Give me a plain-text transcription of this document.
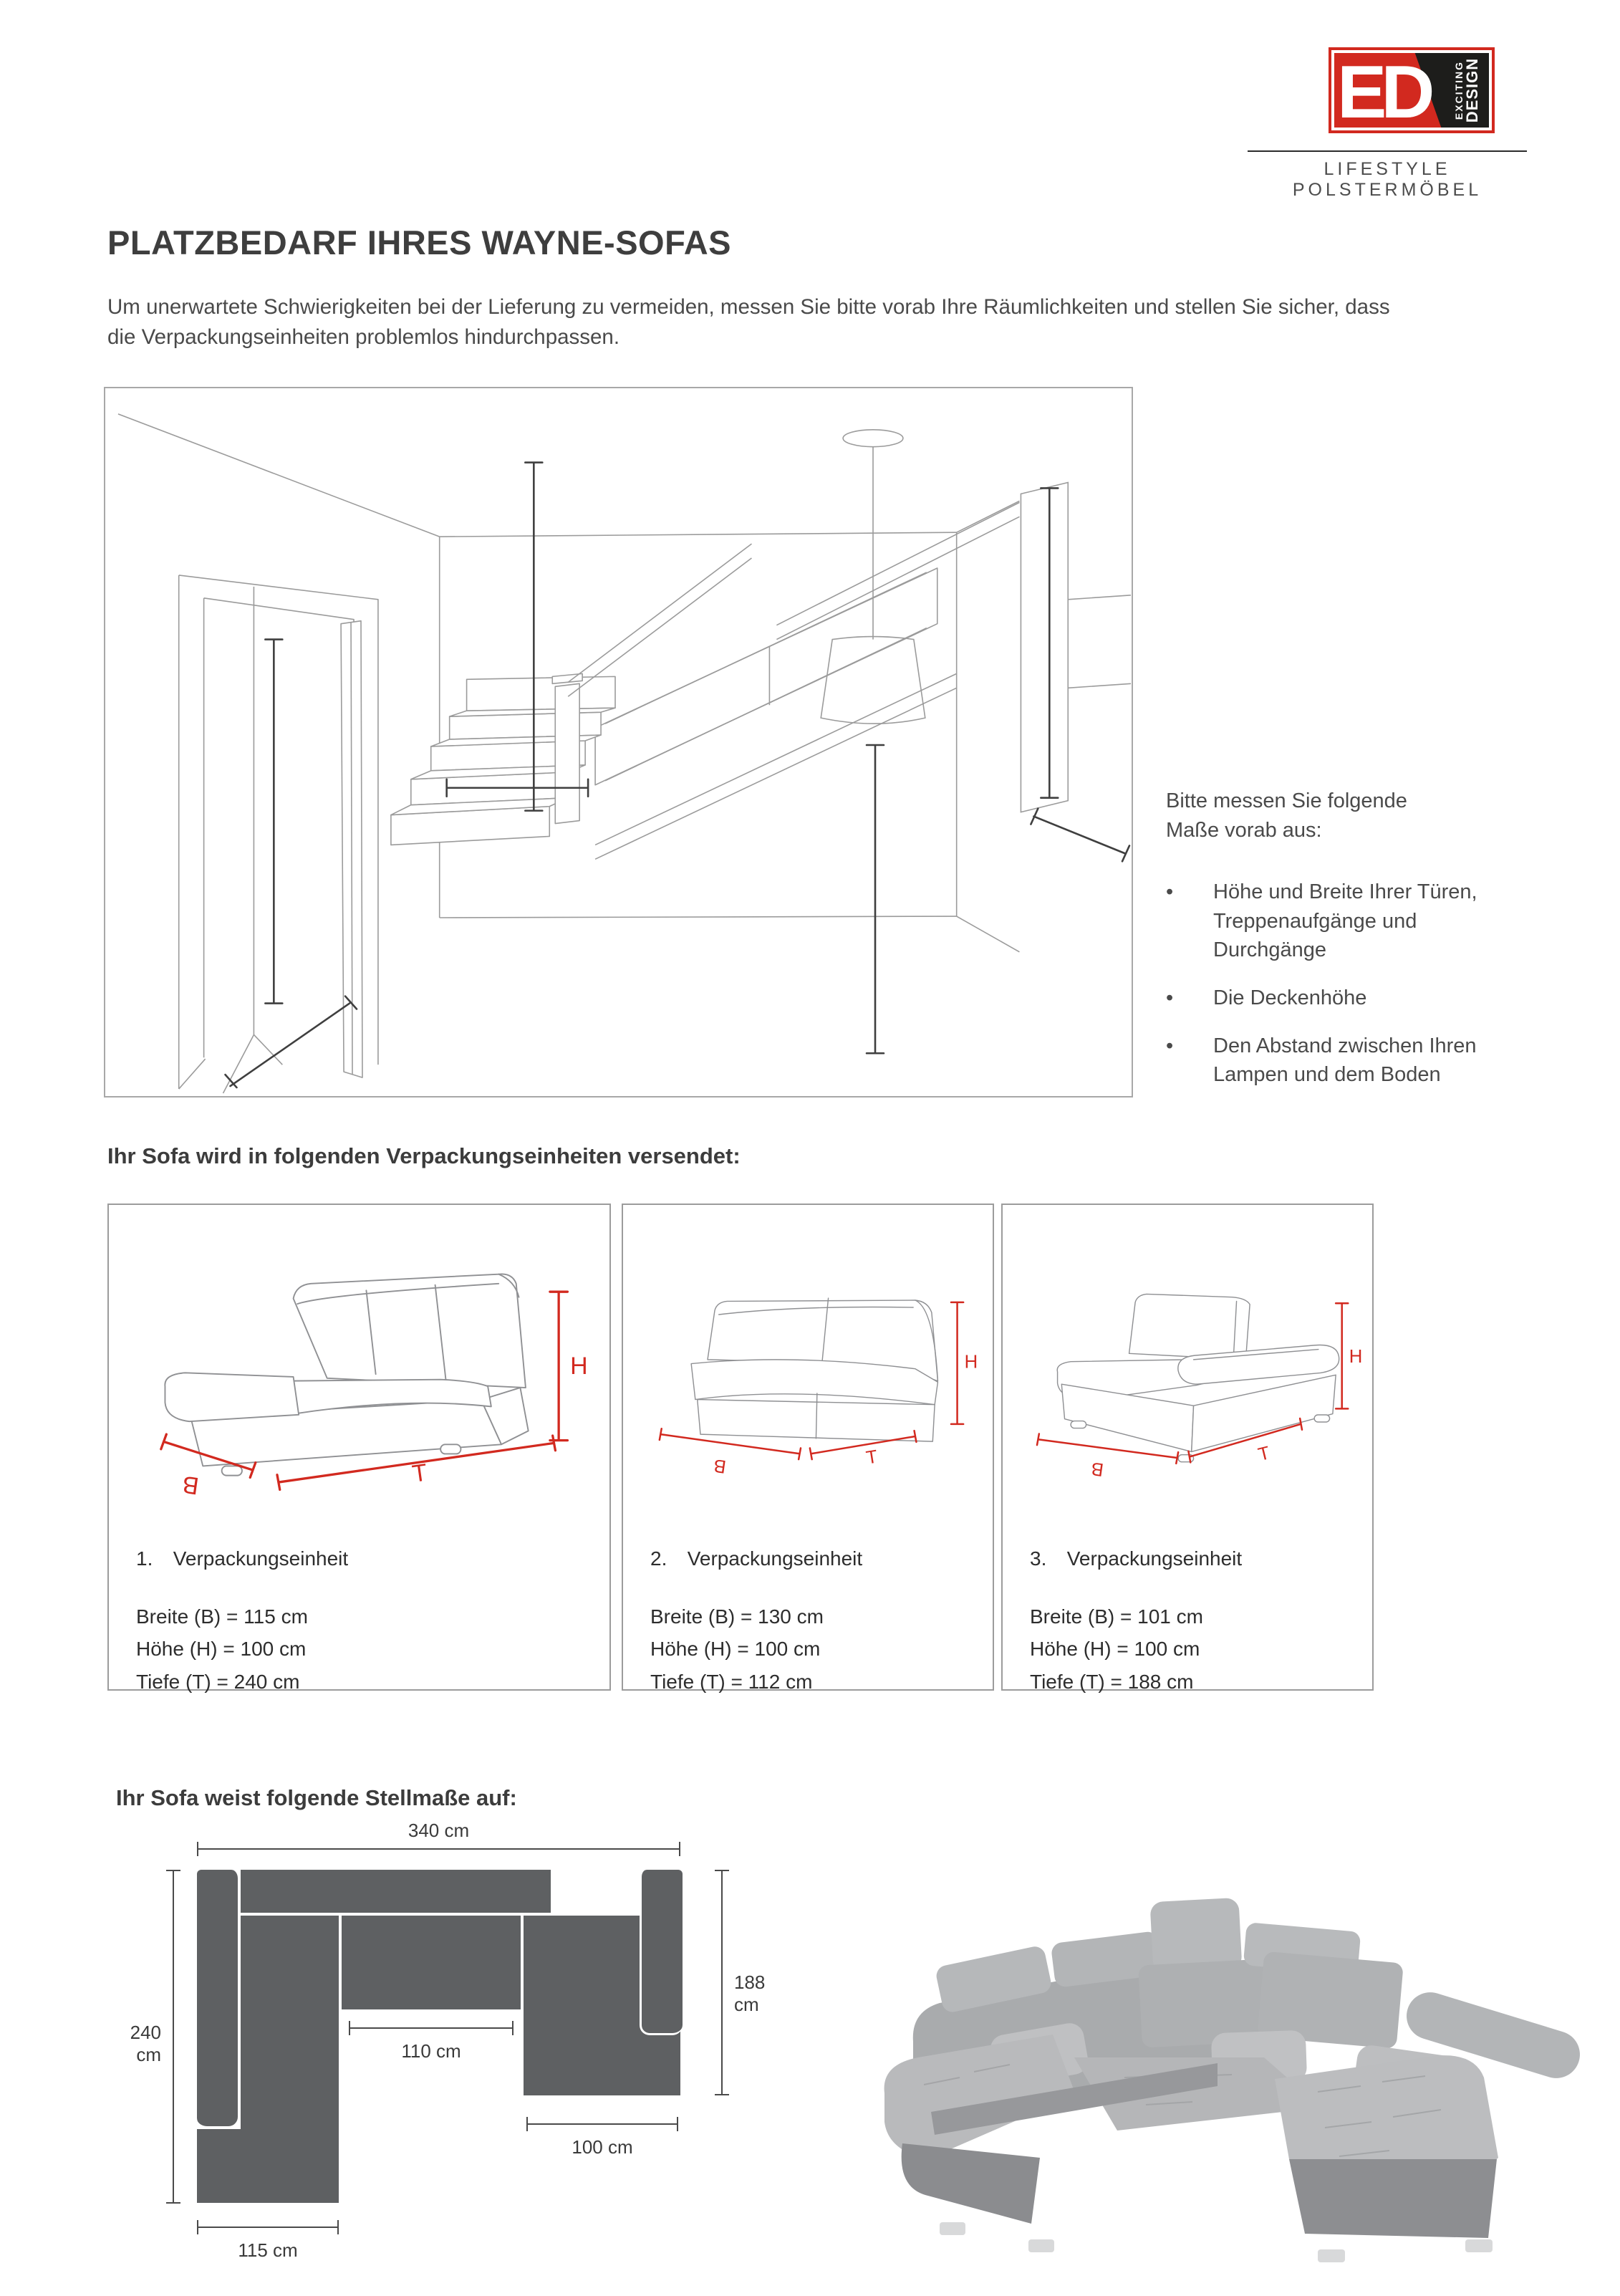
ED EXCITING
DESIGN
LIFESTYLE POLSTERMÖBEL
PLATZBEDARF IHRES WAYNE-SOFAS

Um unerwartete Schwierigkeiten bei der Lieferung zu vermeiden, messen Sie bitte vorab Ihre Räumlichkeiten und stellen Sie sicher, dass die Verpackungseinheiten problemlos hindurchpassen.

Bitte messen Sie folgende
Maße vorab aus:
•	Höhe und Breite Ihrer Türen, Treppenaufgänge und Durchgänge
•	Die Deckenhöhe
•	Den Abstand zwischen Ihren Lampen und dem Boden
Ihr Sofa wird in folgenden Verpackungseinheiten versendet:
H
T
B
1. Verpackungseinheit
Breite (B) = 115 cm
Höhe (H) = 100 cm
Tiefe (T) = 240 cm
H
B	T
2. Verpackungseinheit
Breite (B) = 130 cm
Höhe (H) = 100 cm
Tiefe (T) = 112 cm
H
B
T
3. Verpackungseinheit
Breite (B) = 101 cm
Höhe (H) = 100 cm
Tiefe (T) = 188 cm
Ihr Sofa weist folgende Stellmaße auf:
340 cm
240 cm
188 cm
110 cm
100 cm
115 cm
